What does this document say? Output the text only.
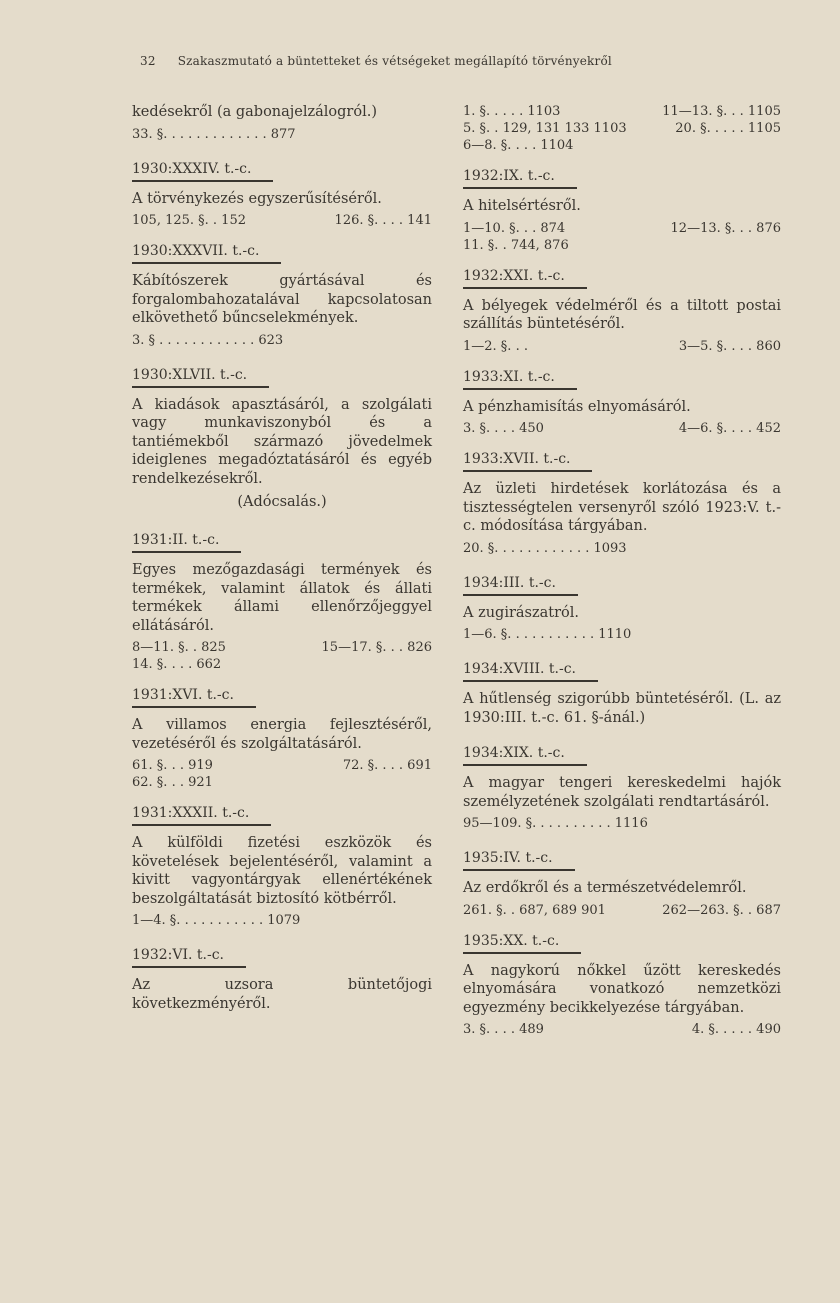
32 Szakaszmutató a büntetteket és vétségeket megállapító törvényekről

kedésekről (a gabonajelzálogról.)

33. §. . . . . . . . . . . . . 877
1930:XXXIV. t.-c.

A törvénykezés egyszerűsítéséről.

105, 125. §. . 152	126. §. . . . 141
1930:XXXVII. t.-c.

Kábítószerek gyártásával és forgalombahozatalával kapcsolatosan elkövethető bűncselekmények.

3. § . . . . . . . . . . . . 623
1930:XLVII. t.-c.

A kiadások apasztásáról, a szolgálati vagy munkaviszonyból és a tantiémekből származó jövedelmek ideiglenes megadóztatásáról és egyéb rendelkezésekről.

(Adócsalás.)
1931:II. t.-c.

Egyes mezőgazdasági termények és termékek, valamint állatok és állati termékek állami ellenőrzőjeggyel ellátásáról.

8—11. §. . 825	15—17. §. . . 826
14. §. . . . 662
1931:XVI. t.-c.

A villamos energia fejlesztéséről, vezetéséről és szolgáltatásáról.

61. §. . . 919	72. §. . . . 691
62. §. . . 921
1931:XXXII. t.-c.

A külföldi fizetési eszközök és követelések bejelentéséről, valamint a kivitt vagyontárgyak ellenértékének beszolgáltatását biztosító kötbérről.

1—4. §. . . . . . . . . . . 1079
1932:VI. t.-c.

Az uzsora büntetőjogi következményéről.

1. §. . . . . 1103	11—13. §. . . 1105
5. §. . 129, 131 133 1103	20. §. . . . . 1105
6—8. §. . . . 1104
1932:IX. t.-c.

A hitelsértésről.

1—10. §. . . 874	12—13. §. . . 876
11. §. . 744, 876
1932:XXI. t.-c.

A bélyegek védelméről és a tiltott postai szállítás büntetéséről.

1—2. §. . .	3—5. §. . . . 860
1933:XI. t.-c.

A pénzhamisítás elnyomásáról.

3. §. . . . 450	4—6. §. . . . 452
1933:XVII. t.-c.

Az üzleti hirdetések korlátozása és a tisztességtelen versenyről szóló 1923:V. t.-c. módosítása tárgyában.

20. §. . . . . . . . . . . . 1093
1934:III. t.-c.

A zugirászatról.

1—6. §. . . . . . . . . . . 1110
1934:XVIII. t.-c.

A hűtlenség szigorúbb büntetéséről. (L. az 1930:III. t.-c. 61. §-ánál.)

1934:XIX. t.-c.

A magyar tengeri kereskedelmi hajók személyzetének szolgálati rendtartásáról.

95—109. §. . . . . . . . . . 1116
1935:IV. t.-c.

Az erdőkről és a természetvédelemről.

261. §. . 687, 689 901	262—263. §. . 687
1935:XX. t.-c.

A nagykorú nőkkel űzött kereskedés elnyomására vonatkozó nemzetközi egyezmény becikkelyezése tárgyában.

3. §. . . . 489	4. §. . . . . 490
